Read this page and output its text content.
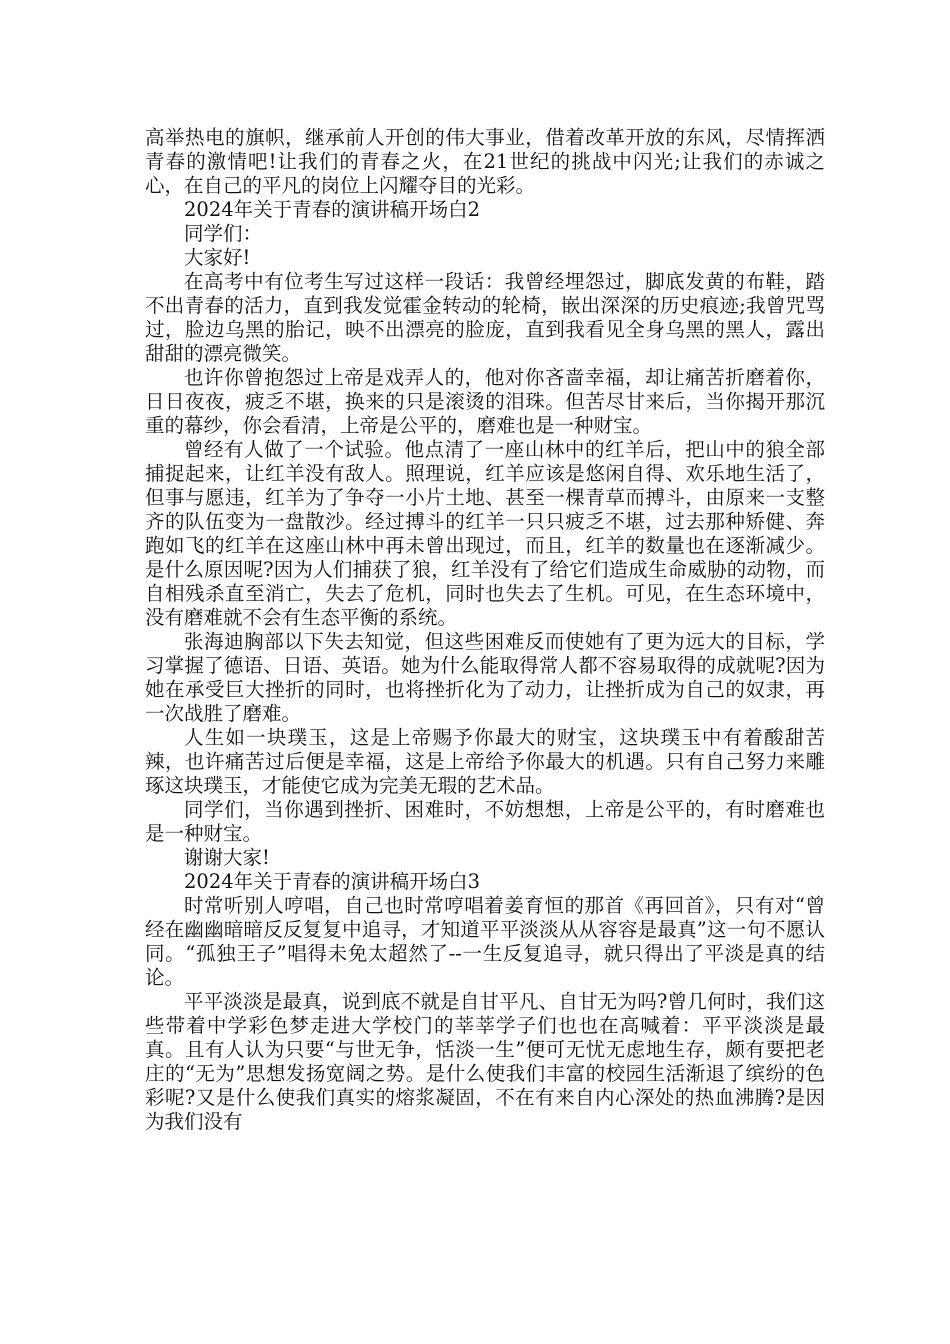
高举热电的旗帜，继承前人开创的伟大事业，借着改革开放的东风，尽情挥洒青春的激情吧!让我们的青春之火，在21世纪的挑战中闪光;让我们的赤诚之心，在自己的平凡的岗位上闪耀夺目的光彩。

2024年关于青春的演讲稿开场白2

同学们：

大家好!

在高考中有位考生写过这样一段话：我曾经埋怨过，脚底发黄的布鞋，踏不出青春的活力，直到我发觉霍金转动的轮椅，嵌出深深的历史痕迹;我曾咒骂过，脸边乌黑的胎记，映不出漂亮的脸庞，直到我看见全身乌黑的黑人，露出甜甜的漂亮微笑。

也许你曾抱怨过上帝是戏弄人的，他对你吝啬幸福，却让痛苦折磨着你，日日夜夜，疲乏不堪，换来的只是滚烫的泪珠。但苦尽甘来后，当你揭开那沉重的幕纱，你会看清，上帝是公平的，磨难也是一种财宝。

曾经有人做了一个试验。他点清了一座山林中的红羊后，把山中的狼全部捕捉起来，让红羊没有敌人。照理说，红羊应该是悠闲自得、欢乐地生活了，但事与愿违，红羊为了争夺一小片土地、甚至一棵青草而搏斗，由原来一支整齐的队伍变为一盘散沙。经过搏斗的红羊一只只疲乏不堪，过去那种矫健、奔跑如飞的红羊在这座山林中再未曾出现过，而且，红羊的数量也在逐渐减少。是什么原因呢?因为人们捕获了狼，红羊没有了给它们造成生命威胁的动物，而自相残杀直至消亡，失去了危机，同时也失去了生机。可见，在生态环境中，没有磨难就不会有生态平衡的系统。

张海迪胸部以下失去知觉，但这些困难反而使她有了更为远大的目标，学习掌握了德语、日语、英语。她为什么能取得常人都不容易取得的成就呢?因为她在承受巨大挫折的同时，也将挫折化为了动力，让挫折成为自己的奴隶，再一次战胜了磨难。

人生如一块璞玉，这是上帝赐予你最大的财宝，这块璞玉中有着酸甜苦辣，也许痛苦过后便是幸福，这是上帝给予你最大的机遇。只有自己努力来雕琢这块璞玉，才能使它成为完美无瑕的艺术品。

同学们，当你遇到挫折、困难时，不妨想想，上帝是公平的，有时磨难也是一种财宝。

谢谢大家!

2024年关于青春的演讲稿开场白3

时常听别人哼唱，自己也时常哼唱着姜育恒的那首《再回首》，只有对“曾经在幽幽暗暗反反复复中追寻，才知道平平淡淡从从容容是最真”这一句不愿认同。“孤独王子”唱得未免太超然了--一生反复追寻，就只得出了平淡是真的结论。

平平淡淡是最真，说到底不就是自甘平凡、自甘无为吗?曾几何时，我们这些带着中学彩色梦走进大学校门的莘莘学子们也也在高喊着：平平淡淡是最真。且有人认为只要“与世无争，恬淡一生”便可无忧无虑地生存，颇有要把老庄的“无为”思想发扬宽阔之势。是什么使我们丰富的校园生活渐退了缤纷的色彩呢?又是什么使我们真实的熔浆凝固，不在有来自内心深处的热血沸腾?是因为我们没有
